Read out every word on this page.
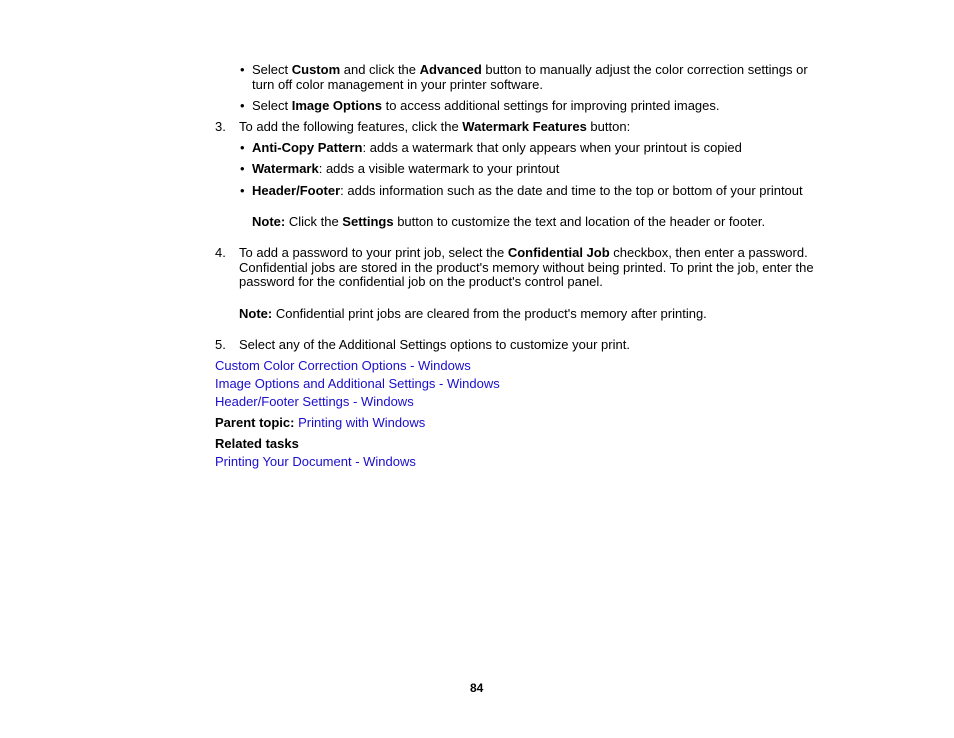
• Select Custom and click the Advanced button to manually adjust the color correction settings or
turn off color management in your printer software.
• Select Image Options to access additional settings for improving printed images.
3. To add the following features, click the Watermark Features button:
• Anti-Copy Pattern: adds a watermark that only appears when your printout is copied
• Watermark: adds a visible watermark to your printout
• Header/Footer: adds information such as the date and time to the top or bottom of your printout
Note: Click the Settings button to customize the text and location of the header or footer.
4. To add a password to your print job, select the Confidential Job checkbox, then enter a password.
Confidential jobs are stored in the product's memory without being printed. To print the job, enter the
password for the confidential job on the product's control panel.
Note: Confidential print jobs are cleared from the product's memory after printing.
5. Select any of the Additional Settings options to customize your print.
Custom Color Correction Options - Windows
Image Options and Additional Settings - Windows
Header/Footer Settings - Windows
Parent topic: Printing with Windows
Related tasks
Printing Your Document - Windows
84
